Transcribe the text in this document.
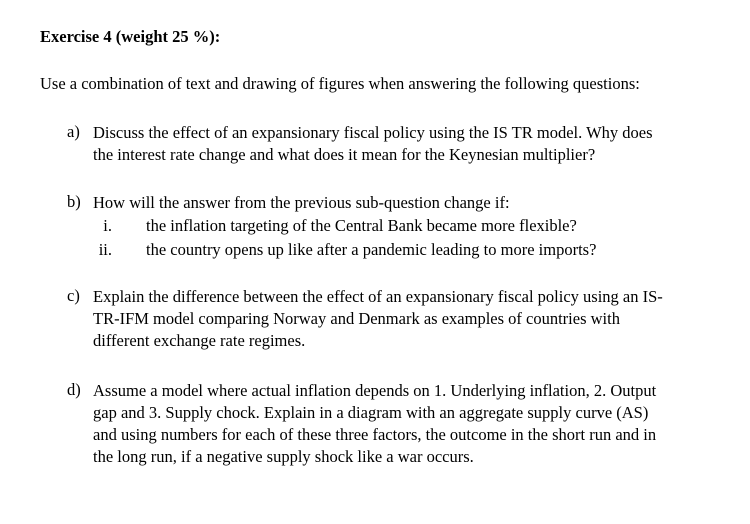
Exercise 4 (weight 25 %):
Use a combination of text and drawing of figures when answering the following questions:
a) Discuss the effect of an expansionary fiscal policy using the IS TR model. Why does
the interest rate change and what does it mean for the Keynesian multiplier?
b) How will the answer from the previous sub-question change if:
i. the inflation targeting of the Central Bank became more flexible?
ii. the country opens up like after a pandemic leading to more imports?
c) Explain the difference between the effect of an expansionary fiscal policy using an IS-
TR-IFM model comparing Norway and Denmark as examples of countries with
different exchange rate regimes.
d) Assume a model where actual inflation depends on 1. Underlying inflation, 2. Output
gap and 3. Supply chock. Explain in a diagram with an aggregate supply curve (AS)
and using numbers for each of these three factors, the outcome in the short run and in
the long run, if a negative supply shock like a war occurs.
